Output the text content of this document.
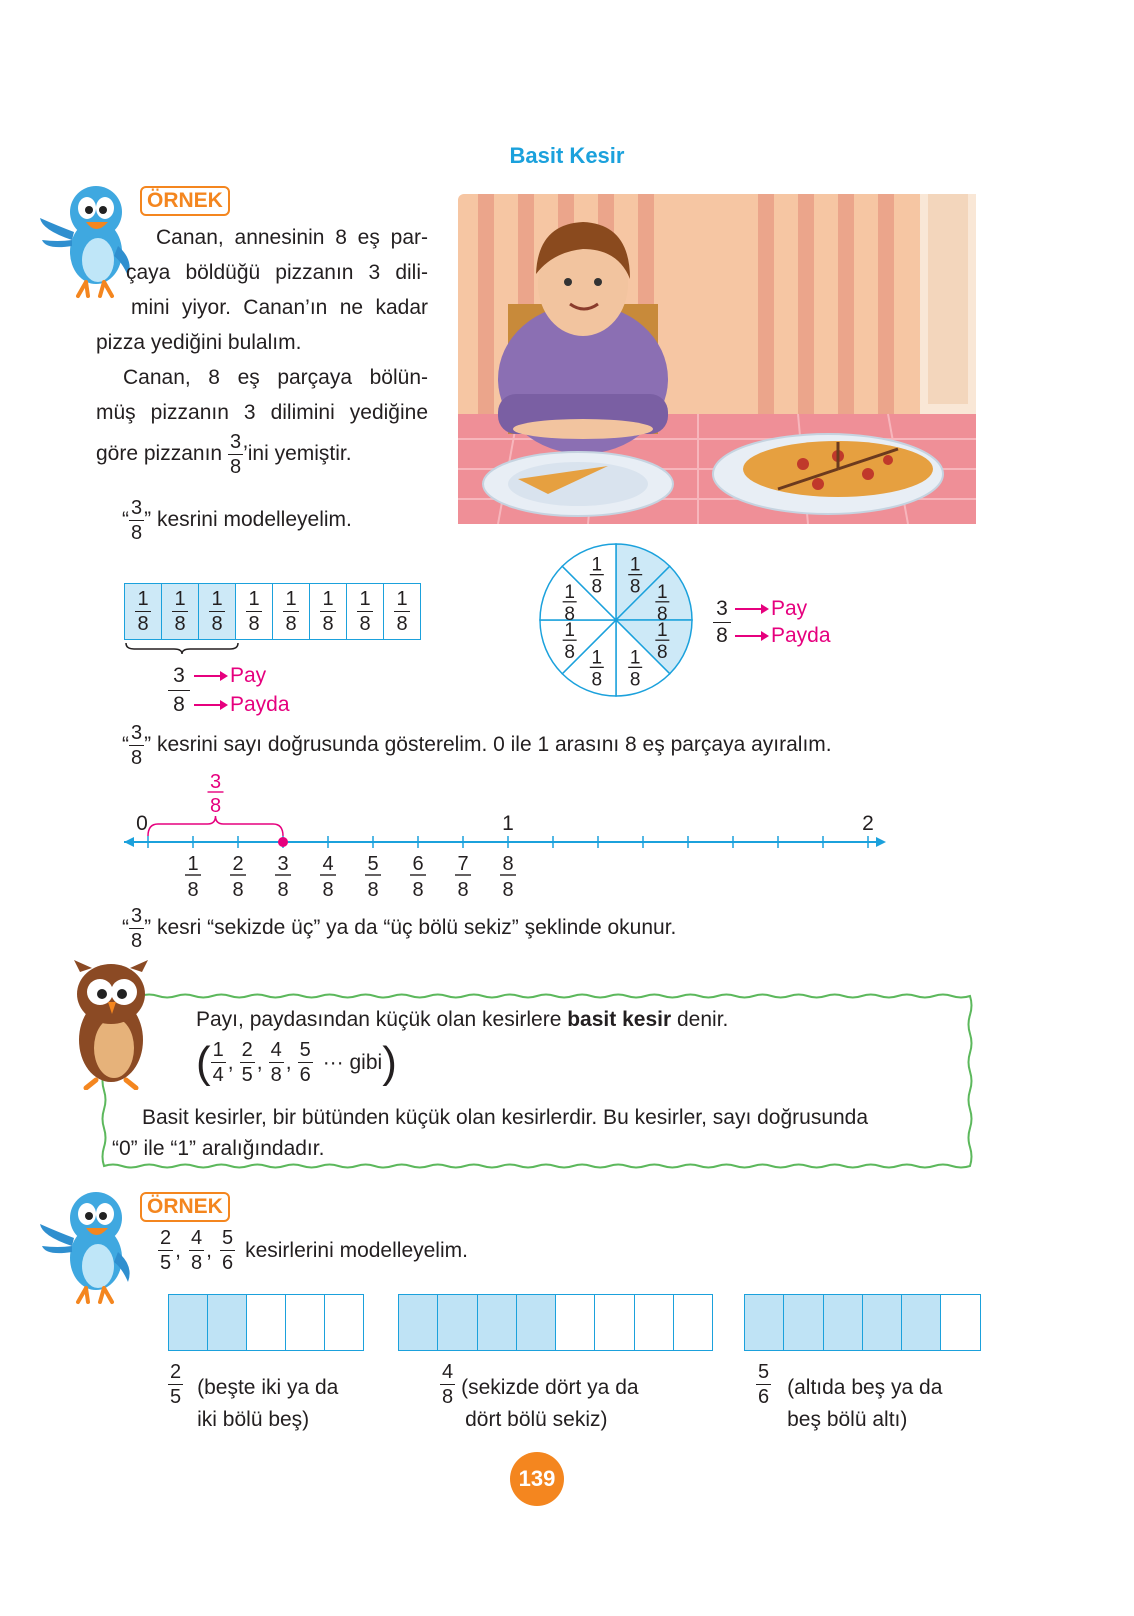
Basit Kesir
ÖRNEK
Canan, annesinin 8 eş par-
çaya böldüğü pizzanın 3 dili-
mini yiyor. Canan’ın ne kadar
pizza yediğini bulalım.
Canan, 8 eş parçaya bölün-
müş pizzanın 3 dilimini yediğine
göre pizzanın $\frac{3}{8}$ ’ini yemiştir.
“ $\frac{3}{8}$ ” kesrini modelleyelim.
$\frac{1}{8} \frac{1}{8} \frac{1}{8} \frac{1}{8} \frac{1}{8} \frac{1}{8} \frac{1}{8} \frac{1}{8}$
3 Pay
8 Payda
1
8 1
8
1
8
1
8
1
8
1
8
1
8
1
8
3 Pay
8 Payda
“ $\frac{3}{8}$ ” kesrini sayı doğrusunda gösterelim. 0 ile 1 arasını 8 eş parçaya ayıralım.
0	1	2
1
8
2
8
3
8
4
8
5
8
6
8
7
8
8
8
3
8
“ $\frac{3}{8}$ ” kesri “sekizde üç” ya da “üç bölü sekiz” şeklinde okunur.
Payı, paydasından küçük olan kesirlere basit kesir denir.
( $\frac{1}{4}$ , $\frac{2}{5}$ , $\frac{4}{8}$ , $\frac{5}{6}$ ··· gibi )
Basit kesirler, bir bütünden küçük olan kesirlerdir. Bu kesirler, sayı doğrusunda
“0” ile “1” aralığındadır.
ÖRNEK
$\frac{2}{5}$ , $\frac{4}{8}$ , $\frac{5}{6}$ kesirlerini modelleyelim.
$\frac{2}{5}$ (beşte iki ya da
iki bölü beş)
$\frac{4}{8}$ (sekizde dört ya da
dört bölü sekiz)
$\frac{5}{6}$ (altıda beş ya da
beş bölü altı)
139
